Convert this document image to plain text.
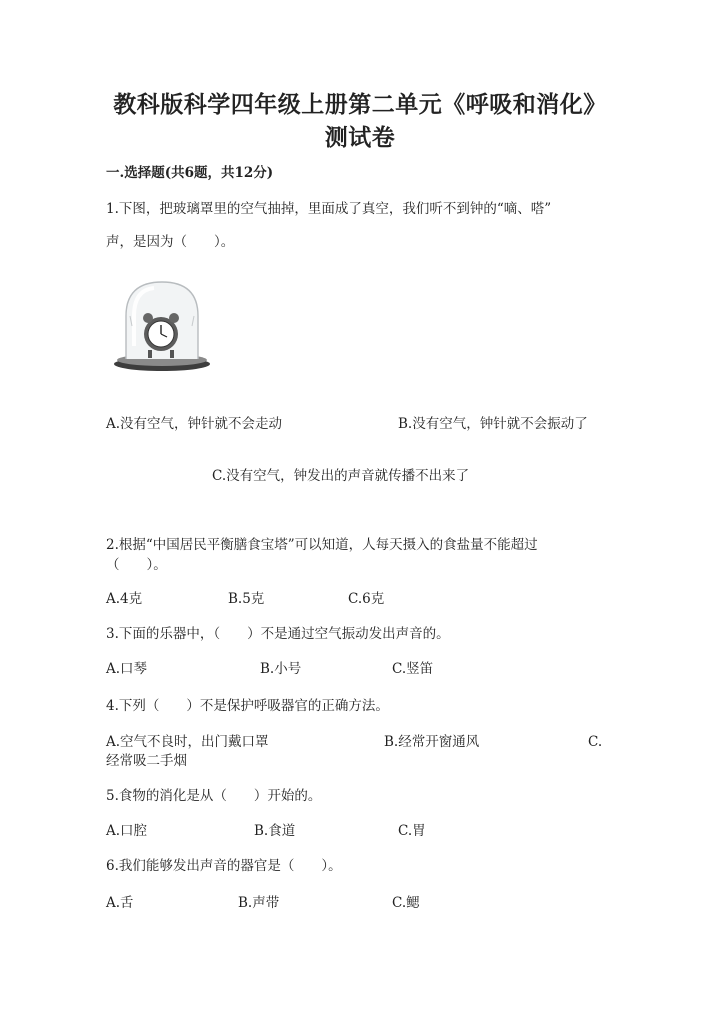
教科版科学四年级上册第二单元《呼吸和消化》测试卷
一.选择题(共6题，共12分)
1.下图，把玻璃罩里的空气抽掉，里面成了真空，我们听不到钟的“嘀、嗒”
声，是因为（　　）。
A.没有空气，钟针就不会走动	B.没有空气，钟针就不会振动了
C.没有空气，钟发出的声音就传播不出来了
2.根据“中国居民平衡膳食宝塔”可以知道，人每天摄入的食盐量不能超过
（　　）。
A.4克	B.5克	C.6克
3.下面的乐器中，（　　）不是通过空气振动发出声音的。
A.口琴	B.小号	C.竖笛
4.下列（　　）不是保护呼吸器官的正确方法。
A.空气不良时，出门戴口罩	B.经常开窗通风	C.
经常吸二手烟
5.食物的消化是从（　　）开始的。
A.口腔	B.食道	C.胃
6.我们能够发出声音的器官是（　　）。
A.舌	B.声带	C.鳃
